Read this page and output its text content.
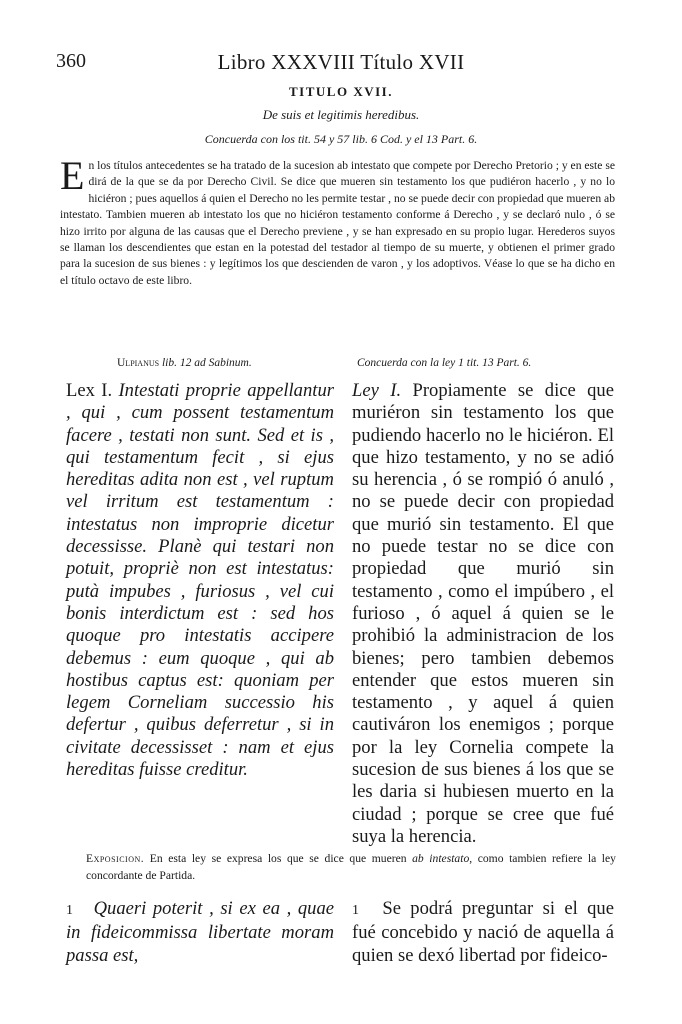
360	Libro XXXVIII Título XVII
TITULO XVII.
De suis et legitimis heredibus.
Concuerda con los tit. 54 y 57 lib. 6 Cod. y el 13 Part. 6.
E n los títulos antecedentes se ha tratado de la sucesion ab intestato que compete por Derecho Pretorio ; y en este se dirá de la que se da por Derecho Civil. Se dice que mueren sin testamento los que pudiéron hacerlo , y no lo hiciéron ; pues aquellos á quien el Derecho no les permite testar , no se puede decir con propiedad que mueren ab intestato. Tambien mueren ab intestato los que no hiciéron testamento conforme á Derecho , y se declaró nulo , ó se hizo irrito por alguna de las causas que el Derecho previene , y se han expresado en su propio lugar. Herederos suyos se llaman los descendientes que estan en la potestad del testador al tiempo de su muerte, y obtienen el primer grado para la sucesion de sus bienes : y legítimos los que descienden de varon , y los adoptivos. Véase lo que se ha dicho en el título octavo de este libro.
Ulpianus lib. 12 ad Sabinum.	Concuerda con la ley 1 tit. 13 Part. 6.
Lex I. Intestati proprie appellantur , qui , cum possent testamentum facere , testati non sunt. Sed et is , qui testamentum fecit , si ejus hereditas adita non est , vel ruptum vel irritum est testamentum : intestatus non improprie dicetur decessisse. Planè qui testari non potuit, propriè non est intestatus: putà impubes , furiosus , vel cui bonis interdictum est : sed hos quoque pro intestatis accipere debemus : eum quoque , qui ab hostibus captus est: quoniam per legem Corneliam successio his defertur , quibus deferretur , si in civitate decessisset : nam et ejus hereditas fuisse creditur.
Ley I. Propiamente se dice que muriéron sin testamento los que pudiendo hacerlo no le hiciéron. El que hizo testamento, y no se adió su herencia , ó se rompió ó anuló , no se puede decir con propiedad que murió sin testamento. El que no puede testar no se dice con propiedad que murió sin testamento , como el impúbero , el furioso , ó aquel á quien se le prohibió la administracion de los bienes; pero tambien debemos entender que estos mueren sin testamento , y aquel á quien cautiváron los enemigos ; porque por la ley Cornelia compete la sucesion de sus bienes á los que se les daria si hubiesen muerto en la ciudad ; porque se cree que fué suya la herencia.
Exposicion. En esta ley se expresa los que se dice que mueren ab intestato, como tambien refiere la ley concordante de Partida.
1 Quaeri poterit , si ex ea , quae in fideicommissa libertate moram passa est,
1 Se podrá preguntar si el que fué concebido y nació de aquella á quien se dexó libertad por fideico-
